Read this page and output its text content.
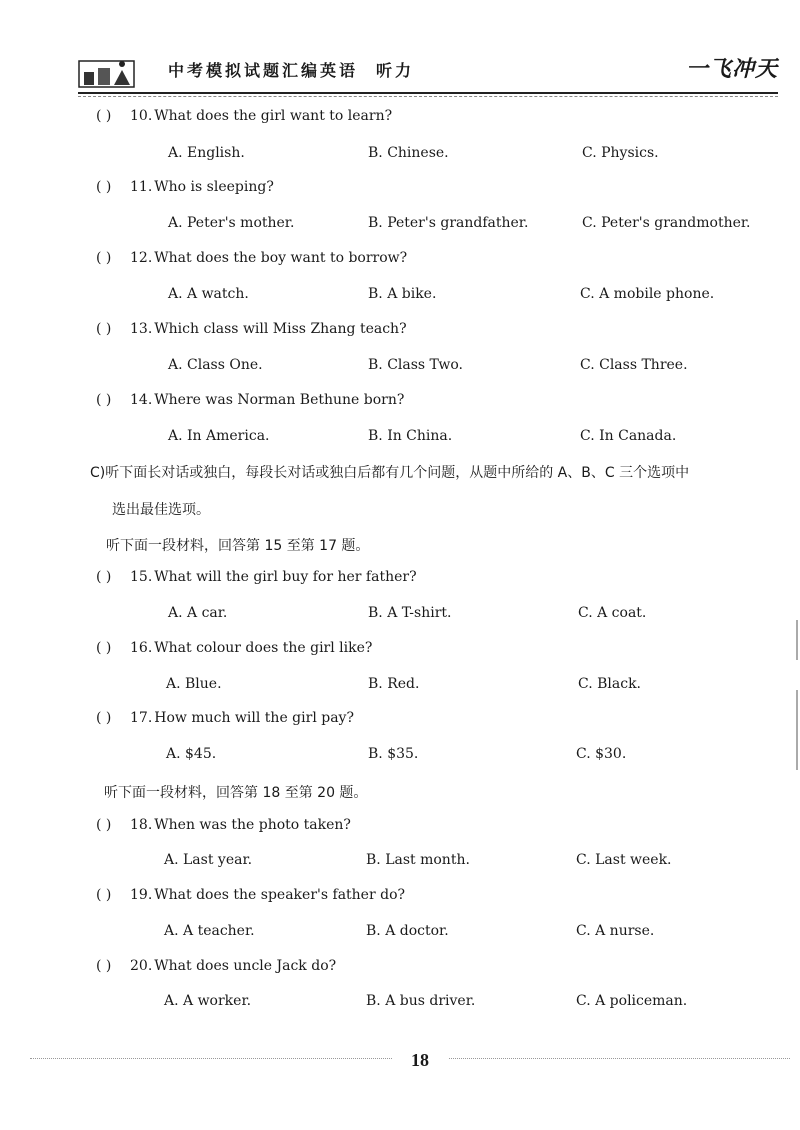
中考模拟试题汇编英语 听力	一飞冲天
( ) 10. What does the girl want to learn?
A. English.	B. Chinese.	C. Physics.
( ) 11. Who is sleeping?
A. Peter's mother.	B. Peter's grandfather.	C. Peter's grandmother.
( ) 12. What does the boy want to borrow?
A. A watch.	B. A bike.	C. A mobile phone.
( ) 13. Which class will Miss Zhang teach?
A. Class One.	B. Class Two.	C. Class Three.
( ) 14. Where was Norman Bethune born?
A. In America.	B. In China.	C. In Canada.
C)听下面长对话或独白，每段长对话或独白后都有几个问题，从题中所给的 A、B、C 三个选项中
选出最佳选项。
听下面一段材料，回答第 15 至第 17 题。
( ) 15. What will the girl buy for her father?
A. A car.	B. A T-shirt.	C. A coat.
( ) 16. What colour does the girl like?
A. Blue.	B. Red.	C. Black.
( ) 17. How much will the girl pay?
A. $45.	B. $35.	C. $30.
听下面一段材料，回答第 18 至第 20 题。
( ) 18. When was the photo taken?
A. Last year.	B. Last month.	C. Last week.
( ) 19. What does the speaker's father do?
A. A teacher.	B. A doctor.	C. A nurse.
( ) 20. What does uncle Jack do?
A. A worker.	B. A bus driver.	C. A policeman.
18
